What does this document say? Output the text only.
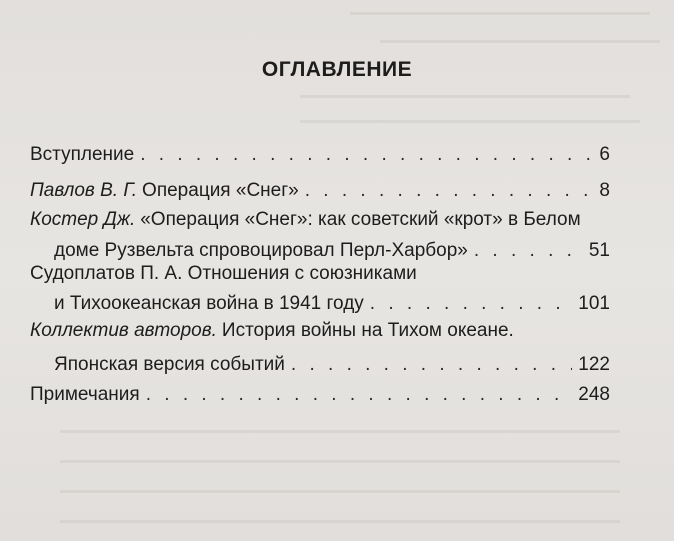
ОГЛАВЛЕНИЕ
Вступление . . .	6
Павлов В. Г. Операция «Снег» . . .	8
Костер Дж. «Операция «Снег»: как советский «крот» в Белом
доме Рузвельта спровоцировал Перл-Харбор» . . .	51
Судоплатов П. А. Отношения с союзниками
и Тихоокеанская война в 1941 году . . .	101
Коллектив авторов. История войны на Тихом океане.
Японская версия событий . . .	122
Примечания . . .	248
